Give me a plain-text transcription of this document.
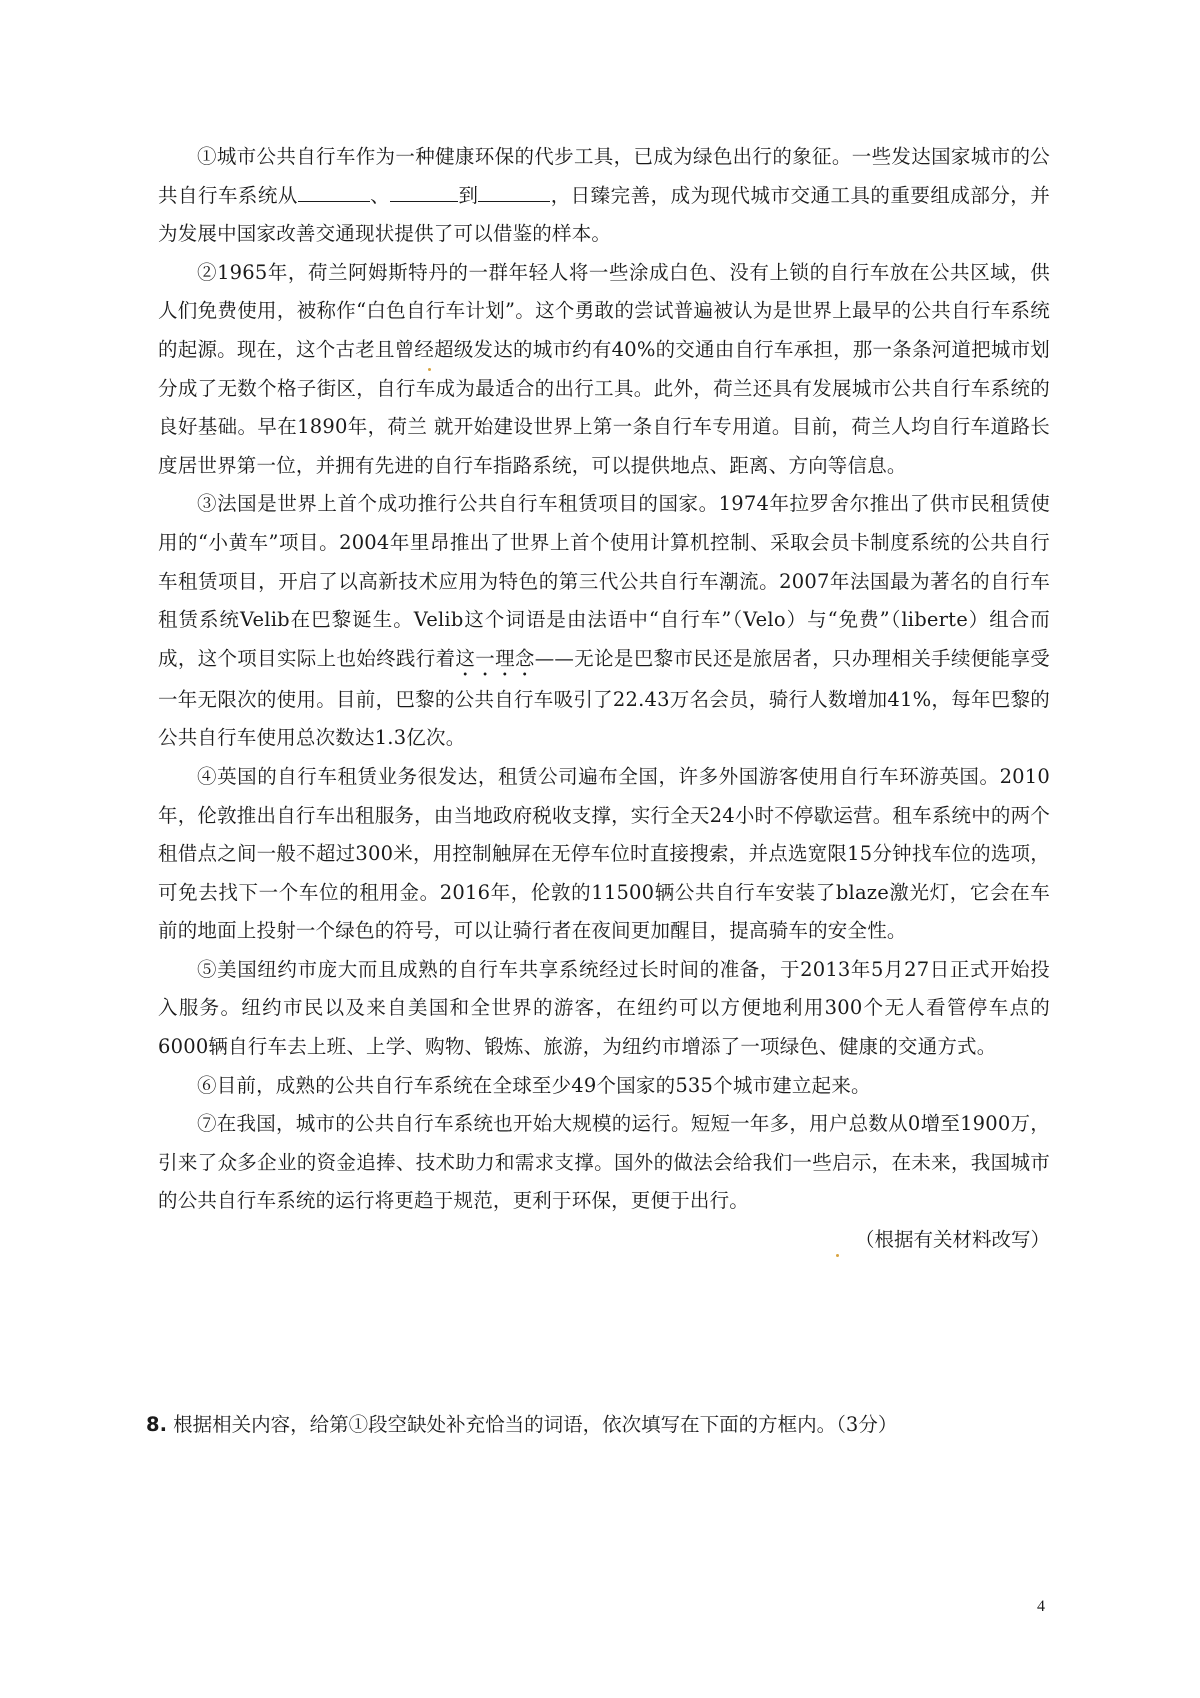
①城市公共自行车作为一种健康环保的代步工具，已成为绿色出行的象征。一些发达国家城市的公共自行车系统从	、	到	，日臻完善，成为现代城市交通工具的重要组成部分，并为发展中国家改善交通现状提供了可以借鉴的样本。

②1965年，荷兰阿姆斯特丹的一群年轻人将一些涂成白色、没有上锁的自行车放在公共区域，供人们免费使用，被称作“白色自行车计划”。这个勇敢的尝试普遍被认为是世界上最早的公共自行车系统的起源。现在，这个古老且曾经超级发达的城市约有40%的交通由自行车承担，那一条条河道把城市划分成了无数个格子街区，自行车成为最适合的出行工具。此外，荷兰还具有发展城市公共自行车系统的良好基础。早在1890年，荷兰 就开始建设世界上第一条自行车专用道。目前，荷兰人均自行车道路长度居世界第一位，并拥有先进的自行车指路系统，可以提供地点、距离、方向等信息。

③法国是世界上首个成功推行公共自行车租赁项目的国家。1974年拉罗舍尔推出了供市民租赁使用的“小黄车”项目。2004年里昂推出了世界上首个使用计算机控制、采取会员卡制度系统的公共自行车租赁项目，开启了以高新技术应用为特色的第三代公共自行车潮流。2007年法国最为著名的自行车租赁系统Velib在巴黎诞生。Velib这个词语是由法语中“自行车”（Velo）与“免费”（liberte）组合而成，这个项目实际上也始终践行着这一理念——无论是巴黎市民还是旅居者，只办理相关手续便能享受一年无限次的使用。目前，巴黎的公共自行车吸引了22.43万名会员，骑行人数增加41%，每年巴黎的公共自行车使用总次数达1.3亿次。

④英国的自行车租赁业务很发达，租赁公司遍布全国，许多外国游客使用自行车环游英国。2010年，伦敦推出自行车出租服务，由当地政府税收支撑，实行全天24小时不停歇运营。租车系统中的两个租借点之间一般不超过300米，用控制触屏在无停车位时直接搜索，并点选宽限15分钟找车位的选项，可免去找下一个车位的租用金。2016年，伦敦的11500辆公共自行车安装了blaze激光灯，它会在车前的地面上投射一个绿色的符号，可以让骑行者在夜间更加醒目，提高骑车的安全性。

⑤美国纽约市庞大而且成熟的自行车共享系统经过长时间的准备，于2013年5月27日正式开始投入服务。纽约市民以及来自美国和全世界的游客，在纽约可以方便地利用300个无人看管停车点的6000辆自行车去上班、上学、购物、锻炼、旅游，为纽约市增添了一项绿色、健康的交通方式。

⑥目前，成熟的公共自行车系统在全球至少49个国家的535个城市建立起来。

⑦在我国，城市的公共自行车系统也开始大规模的运行。短短一年多，用户总数从0增至1900万，引来了众多企业的资金追捧、技术助力和需求支撑。国外的做法会给我们一些启示，在未来，我国城市的公共自行车系统的运行将更趋于规范，更利于环保，更便于出行。

（根据有关材料改写）

8. 根据相关内容，给第①段空缺处补充恰当的词语，依次填写在下面的方框内。（3分）

4
